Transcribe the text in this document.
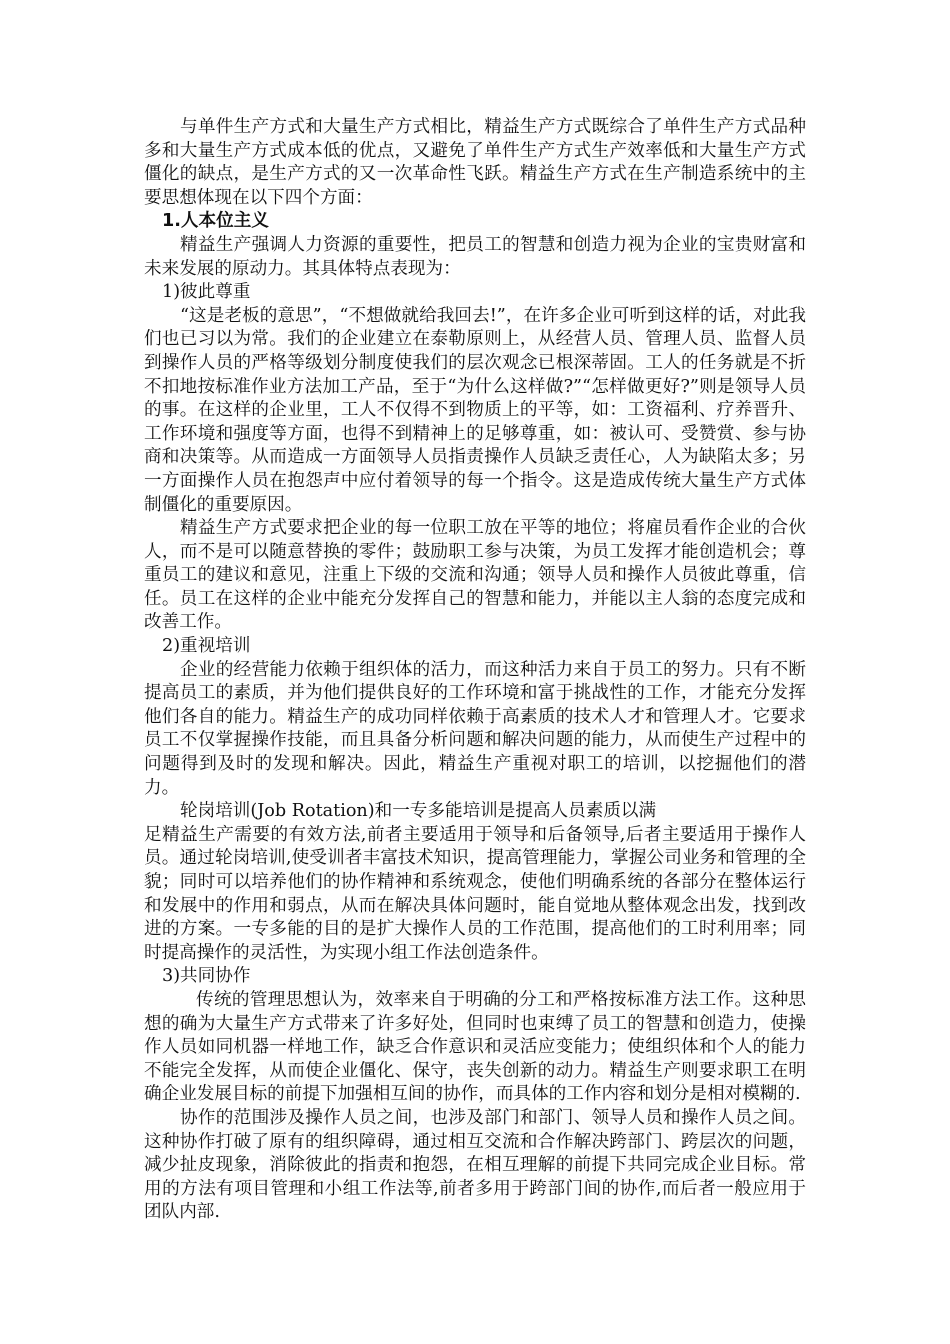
与单件生产方式和大量生产方式相比，精益生产方式既综合了单件生产方式品种多和大量生产方式成本低的优点，又避免了单件生产方式生产效率低和大量生产方式僵化的缺点，是生产方式的又一次革命性飞跃。精益生产方式在生产制造系统中的主要思想体现在以下四个方面：

1.人本位主义

精益生产强调人力资源的重要性，把员工的智慧和创造力视为企业的宝贵财富和未来发展的原动力。其具体特点表现为：

1)彼此尊重

“这是老板的意思”，“不想做就给我回去!”，在许多企业可听到这样的话，对此我们也已习以为常。我们的企业建立在泰勒原则上，从经营人员、管理人员、监督人员到操作人员的严格等级划分制度使我们的层次观念已根深蒂固。工人的任务就是不折不扣地按标准作业方法加工产品，至于“为什么这样做?”“怎样做更好?”则是领导人员的事。在这样的企业里，工人不仅得不到物质上的平等，如：工资福利、疗养晋升、工作环境和强度等方面，也得不到精神上的足够尊重，如：被认可、受赞赏、参与协商和决策等。从而造成一方面领导人员指责操作人员缺乏责任心，人为缺陷太多；另一方面操作人员在抱怨声中应付着领导的每一个指令。这是造成传统大量生产方式体制僵化的重要原因。

精益生产方式要求把企业的每一位职工放在平等的地位；将雇员看作企业的合伙人，而不是可以随意替换的零件；鼓励职工参与决策，为员工发挥才能创造机会；尊重员工的建议和意见，注重上下级的交流和沟通；领导人员和操作人员彼此尊重，信任。员工在这样的企业中能充分发挥自己的智慧和能力，并能以主人翁的态度完成和改善工作。

2)重视培训

企业的经营能力依赖于组织体的活力，而这种活力来自于员工的努力。只有不断提高员工的素质，并为他们提供良好的工作环境和富于挑战性的工作，才能充分发挥他们各自的能力。精益生产的成功同样依赖于高素质的技术人才和管理人才。它要求员工不仅掌握操作技能，而且具备分析问题和解决问题的能力，从而使生产过程中的问题得到及时的发现和解决。因此，精益生产重视对职工的培训，以挖掘他们的潜力。

轮岗培训(Job Rotation)和一专多能培训是提高人员素质以满

足精益生产需要的有效方法,前者主要适用于领导和后备领导,后者主要适用于操作人员。通过轮岗培训,使受训者丰富技术知识，提高管理能力，掌握公司业务和管理的全貌；同时可以培养他们的协作精神和系统观念，使他们明确系统的各部分在整体运行和发展中的作用和弱点，从而在解决具体问题时，能自觉地从整体观念出发，找到改进的方案。一专多能的目的是扩大操作人员的工作范围，提高他们的工时利用率；同时提高操作的灵活性，为实现小组工作法创造条件。

3)共同协作

传统的管理思想认为，效率来自于明确的分工和严格按标准方法工作。这种思想的确为大量生产方式带来了许多好处，但同时也束缚了员工的智慧和创造力，使操作人员如同机器一样地工作，缺乏合作意识和灵活应变能力；使组织体和个人的能力不能完全发挥，从而使企业僵化、保守，丧失创新的动力。精益生产则要求职工在明确企业发展目标的前提下加强相互间的协作，而具体的工作内容和划分是相对模糊的.

协作的范围涉及操作人员之间，也涉及部门和部门、领导人员和操作人员之间。这种协作打破了原有的组织障碍，通过相互交流和合作解决跨部门、跨层次的问题，减少扯皮现象，消除彼此的指责和抱怨，在相互理解的前提下共同完成企业目标。常用的方法有项目管理和小组工作法等,前者多用于跨部门间的协作,而后者一般应用于团队内部.
